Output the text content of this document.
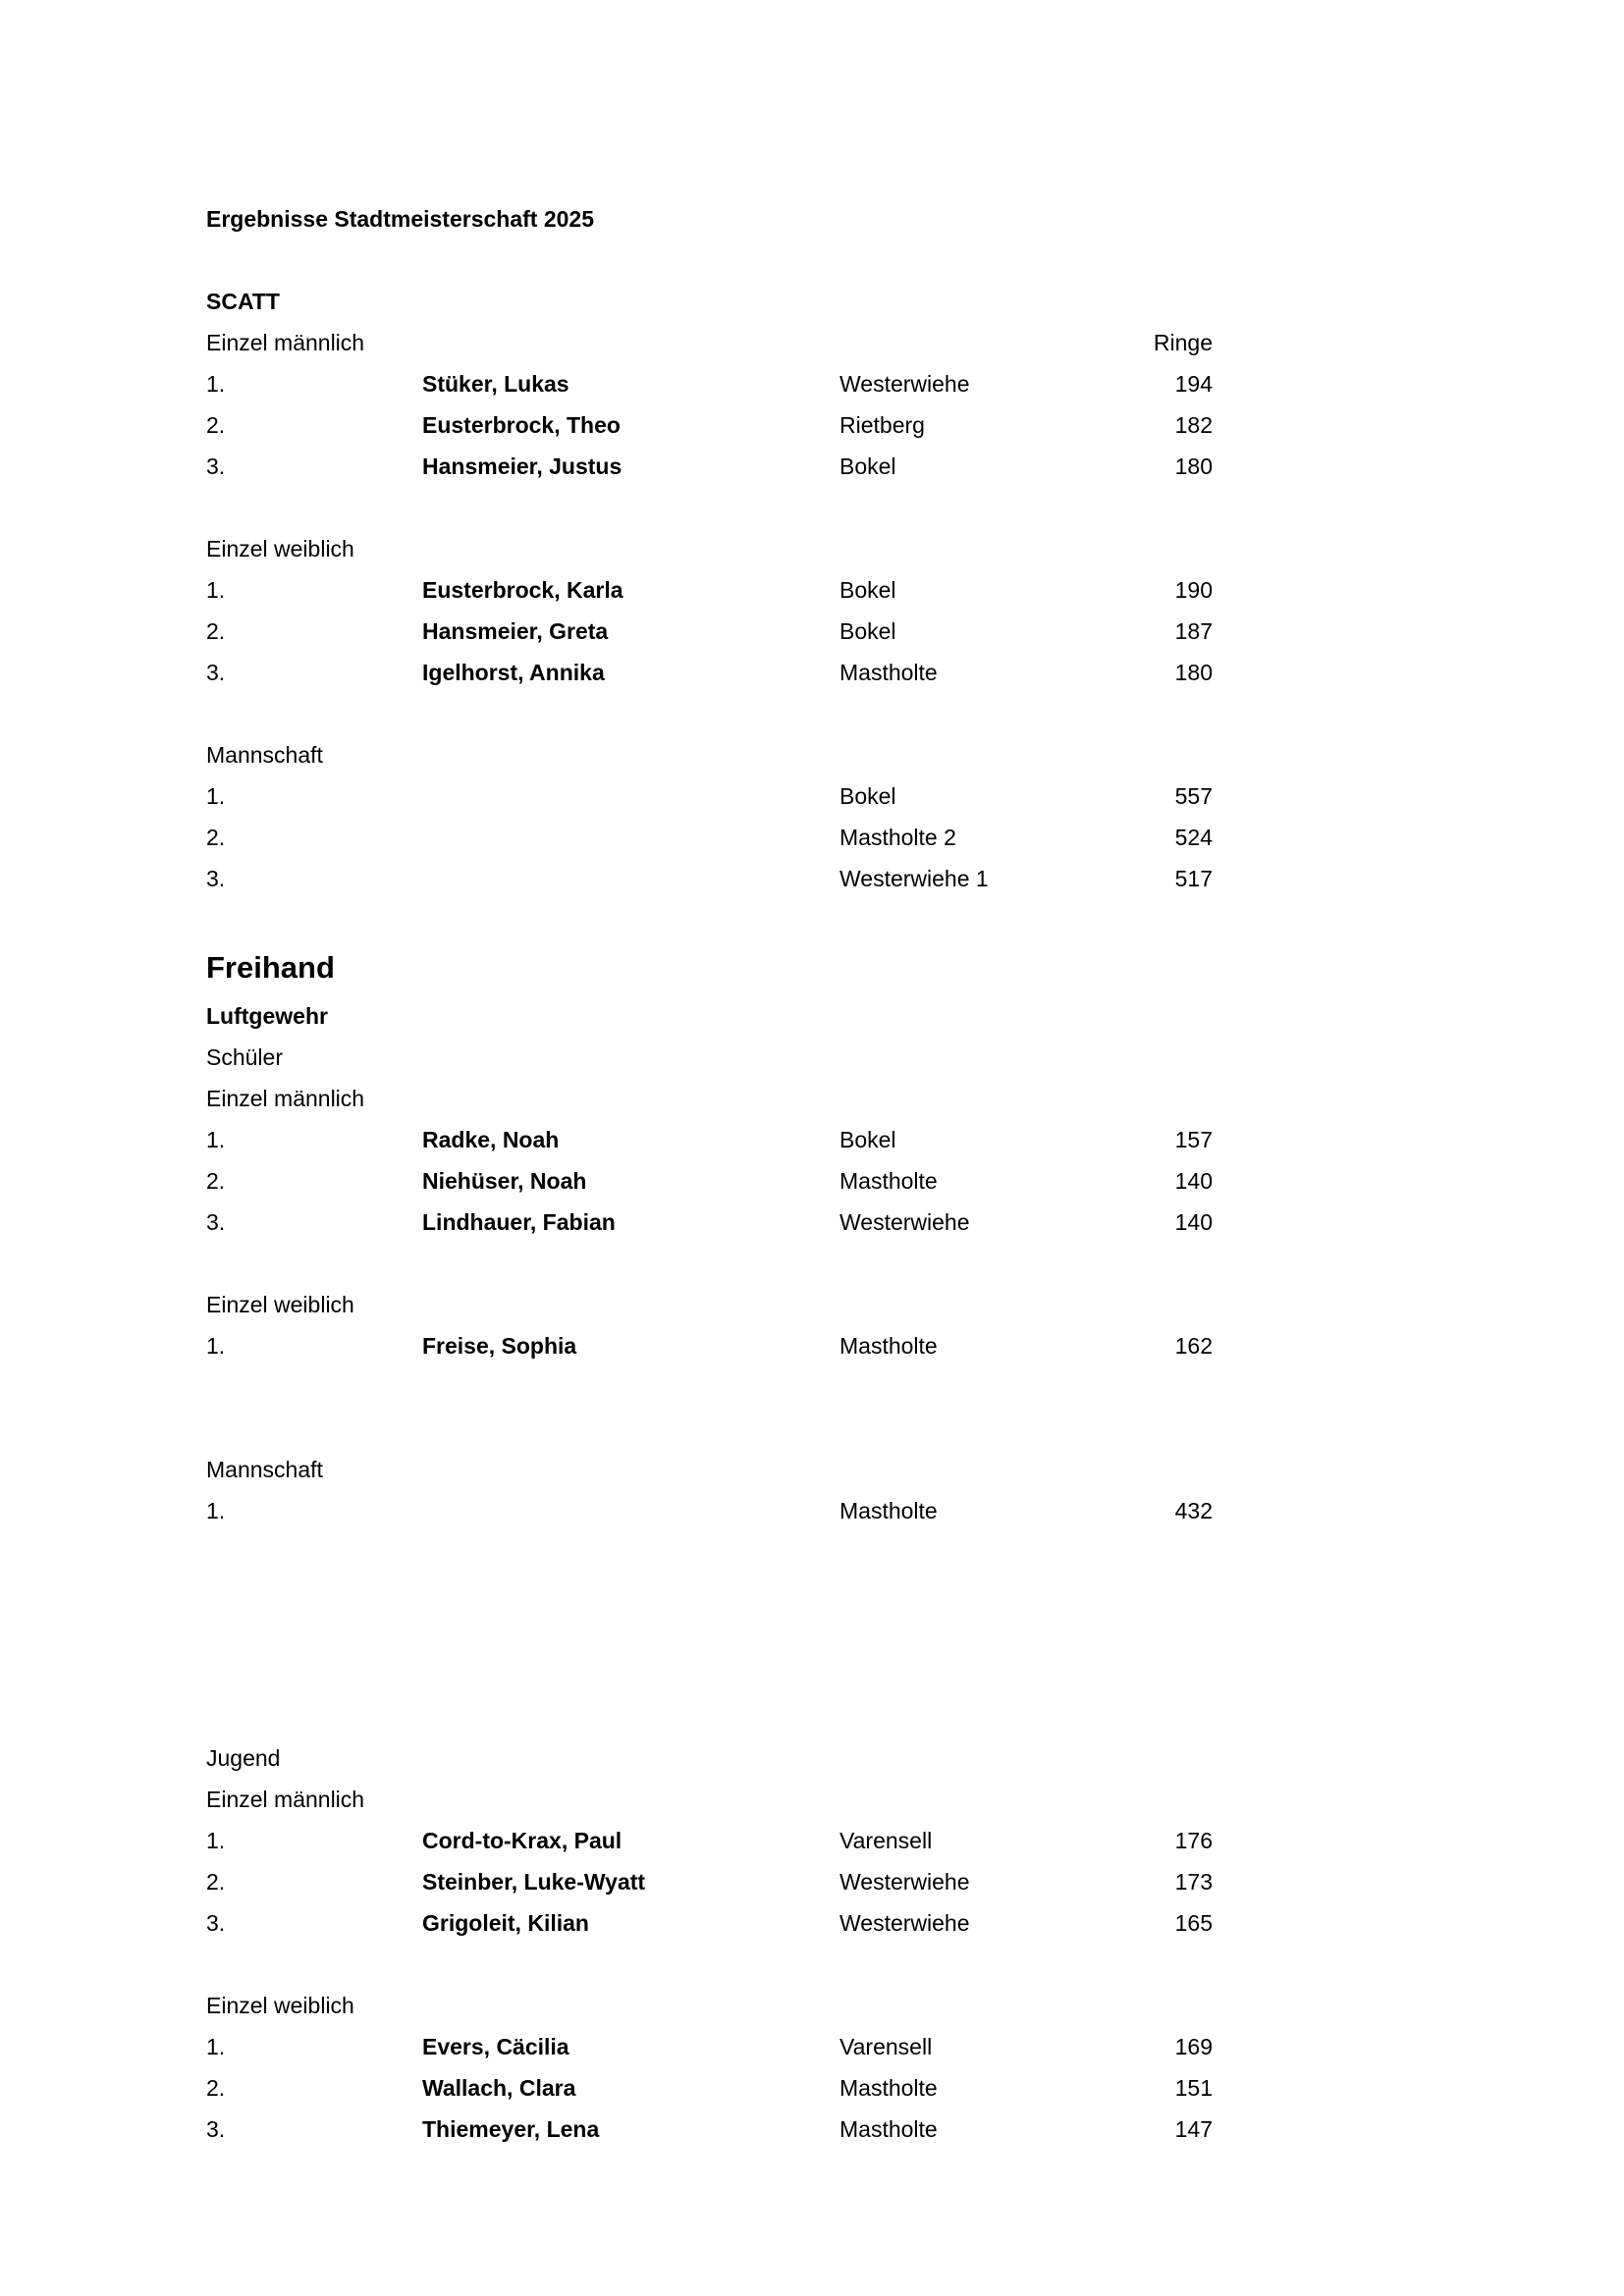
Ergebnisse Stadtmeisterschaft 2025
SCATT
Einzel männlich	Ringe
1.	Stüker, Lukas	Westerwiehe	194
2.	Eusterbrock, Theo	Rietberg	182
3.	Hansmeier, Justus	Bokel	180
Einzel weiblich
1.	Eusterbrock, Karla	Bokel	190
2.	Hansmeier, Greta	Bokel	187
3.	Igelhorst, Annika	Mastholte	180
Mannschaft
1.	Bokel	557
2.	Mastholte 2	524
3.	Westerwiehe 1	517
Freihand
Luftgewehr
Schüler
Einzel männlich
1.	Radke, Noah	Bokel	157
2.	Niehüser, Noah	Mastholte	140
3.	Lindhauer, Fabian	Westerwiehe	140
Einzel weiblich
1.	Freise, Sophia	Mastholte	162
Mannschaft
1.	Mastholte	432
Jugend
Einzel männlich
1.	Cord-to-Krax, Paul	Varensell	176
2.	Steinber, Luke-Wyatt	Westerwiehe	173
3.	Grigoleit, Kilian	Westerwiehe	165
Einzel weiblich
1.	Evers, Cäcilia	Varensell	169
2.	Wallach, Clara	Mastholte	151
3.	Thiemeyer, Lena	Mastholte	147
